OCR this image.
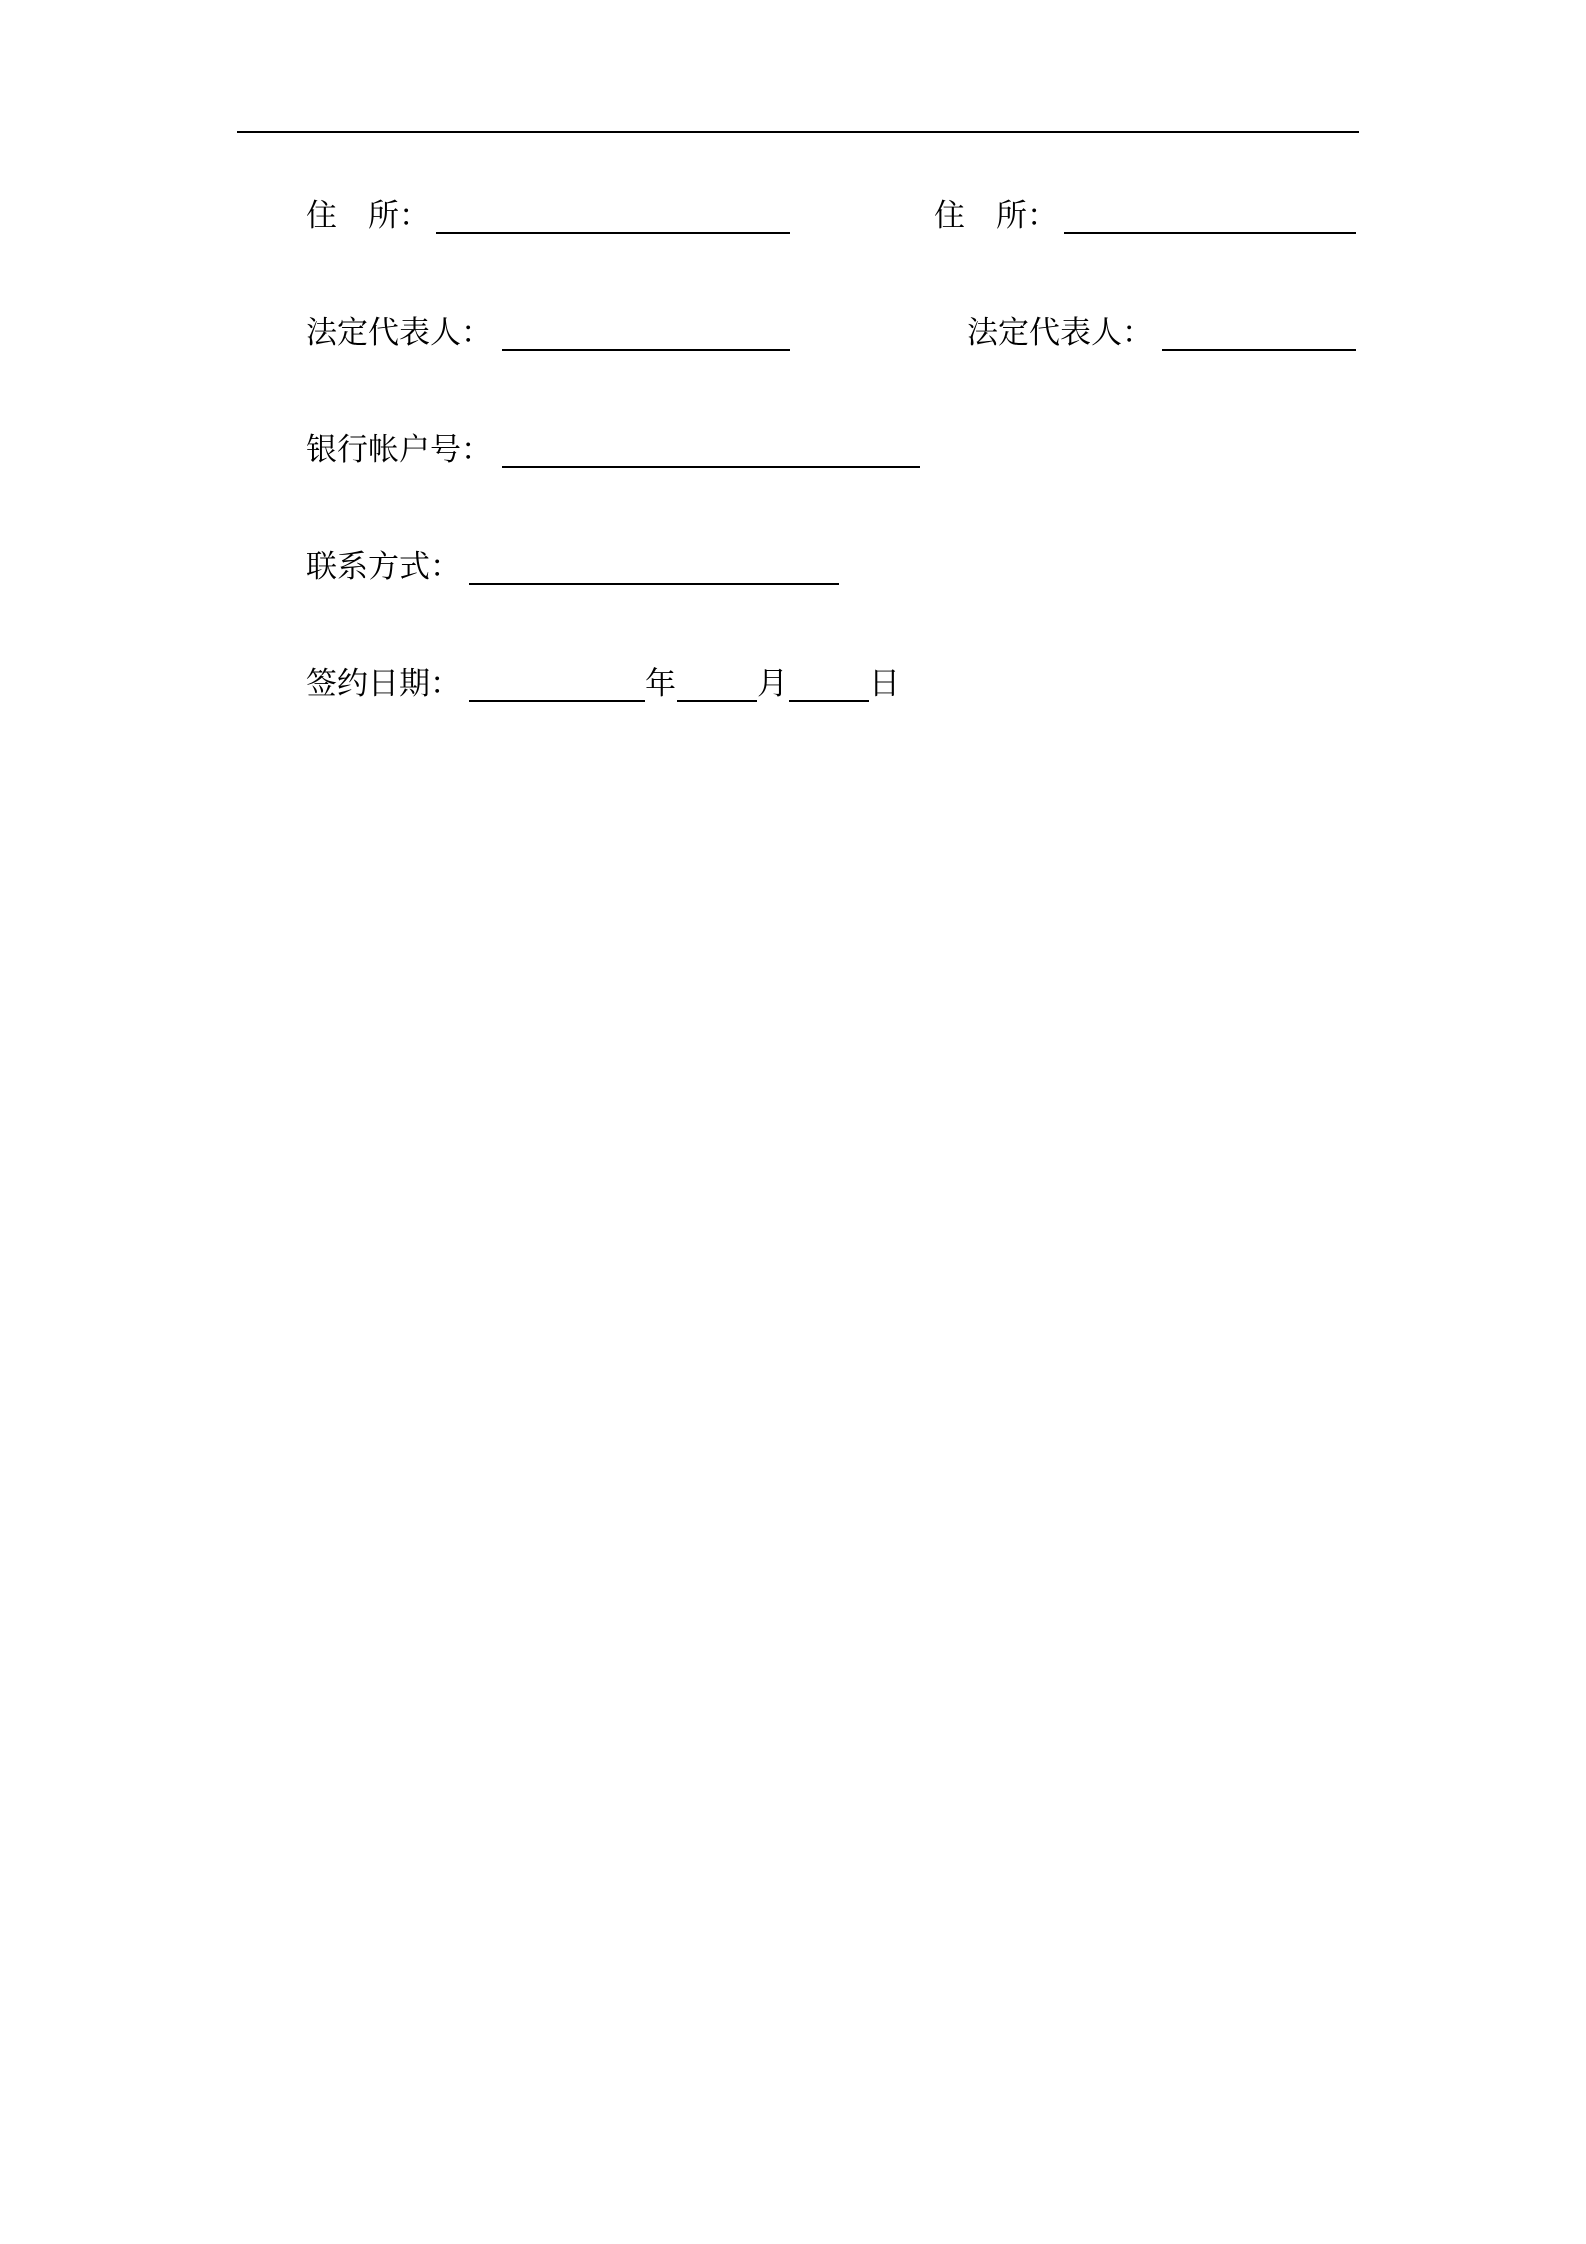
住　所：	住　所：
法定代表人：	法定代表人：
银行帐户号：
联系方式：
签约日期：	年	月	日
